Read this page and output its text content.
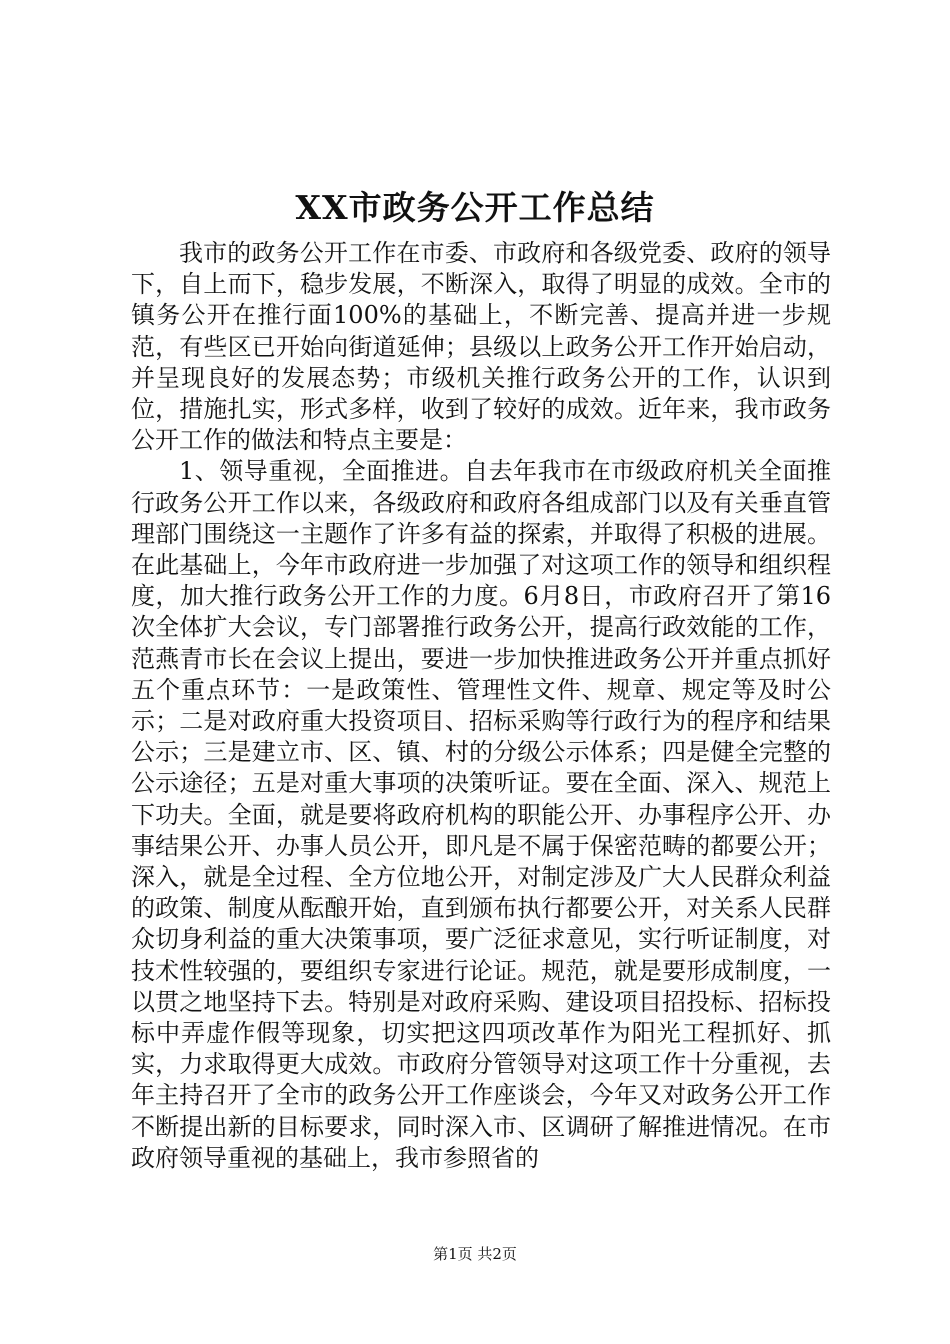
XX市政务公开工作总结

我市的政务公开工作在市委、市政府和各级党委、政府的领导下，自上而下，稳步发展，不断深入，取得了明显的成效。全市的镇务公开在推行面100%的基础上，不断完善、提高并进一步规范，有些区已开始向街道延伸；县级以上政务公开工作开始启动，并呈现良好的发展态势；市级机关推行政务公开的工作，认识到位，措施扎实，形式多样，收到了较好的成效。近年来，我市政务公开工作的做法和特点主要是：

1、领导重视，全面推进。自去年我市在市级政府机关全面推行政务公开工作以来，各级政府和政府各组成部门以及有关垂直管理部门围绕这一主题作了许多有益的探索，并取得了积极的进展。在此基础上，今年市政府进一步加强了对这项工作的领导和组织程度，加大推行政务公开工作的力度。6月8日，市政府召开了第16次全体扩大会议，专门部署推行政务公开，提高行政效能的工作，范燕青市长在会议上提出，要进一步加快推进政务公开并重点抓好五个重点环节：一是政策性、管理性文件、规章、规定等及时公示；二是对政府重大投资项目、招标采购等行政行为的程序和结果公示；三是建立市、区、镇、村的分级公示体系；四是健全完整的公示途径；五是对重大事项的决策听证。要在全面、深入、规范上下功夫。全面，就是要将政府机构的职能公开、办事程序公开、办事结果公开、办事人员公开，即凡是不属于保密范畴的都要公开；深入，就是全过程、全方位地公开，对制定涉及广大人民群众利益的政策、制度从酝酿开始，直到颁布执行都要公开，对关系人民群众切身利益的重大决策事项，要广泛征求意见，实行听证制度，对技术性较强的，要组织专家进行论证。规范，就是要形成制度，一以贯之地坚持下去。特别是对政府采购、建设项目招投标、招标投标中弄虚作假等现象，切实把这四项改革作为阳光工程抓好、抓实，力求取得更大成效。市政府分管领导对这项工作十分重视，去年主持召开了全市的政务公开工作座谈会，今年又对政务公开工作不断提出新的目标要求，同时深入市、区调研了解推进情况。在市政府领导重视的基础上，我市参照省的

第1页 共2页
